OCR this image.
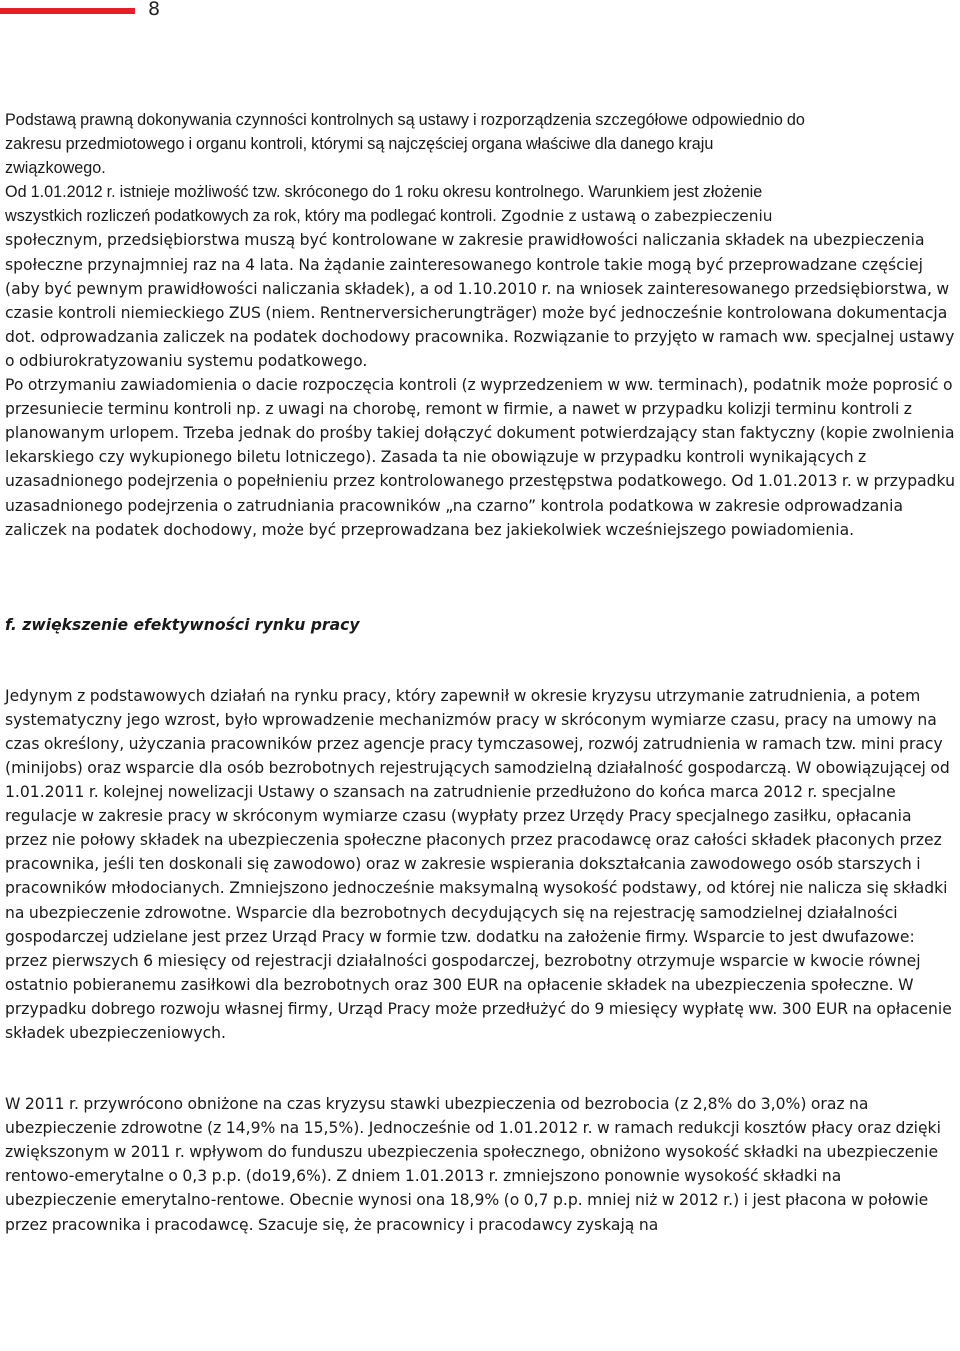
8

Podstawą prawną dokonywania czynności kontrolnych są ustawy i rozporządzenia szczegółowe odpowiednio do

zakresu przedmiotowego i organu kontroli, którymi są najczęściej organa właściwe dla danego kraju

związkowego.

Od 1.01.2012 r. istnieje możliwość tzw. skróconego do 1 roku okresu kontrolnego. Warunkiem jest złożenie

wszystkich rozliczeń podatkowych za rok, który ma podlegać kontroli. Zgodnie z ustawą o zabezpieczeniu

społecznym, przedsiębiorstwa muszą być kontrolowane w zakresie prawidłowości naliczania składek na ubezpieczenia społeczne przynajmniej raz na 4 lata. Na żądanie zainteresowanego kontrole takie mogą być przeprowadzane częściej (aby być pewnym prawidłowości naliczania składek), a od 1.10.2010 r. na wniosek zainteresowanego przedsiębiorstwa, w czasie kontroli niemieckiego ZUS (niem. Rentnerversicherungträger) może być jednocześnie kontrolowana dokumentacja dot. odprowadzania zaliczek na podatek dochodowy pracownika. Rozwiązanie to przyjęto w ramach ww. specjalnej ustawy o odbiurokratyzowaniu systemu podatkowego.

Po otrzymaniu zawiadomienia o dacie rozpoczęcia kontroli (z wyprzedzeniem w ww. terminach), podatnik może poprosić o przesuniecie terminu kontroli np. z uwagi na chorobę, remont w firmie, a nawet w przypadku kolizji terminu kontroli z planowanym urlopem. Trzeba jednak do prośby takiej dołączyć dokument potwierdzający stan faktyczny (kopie zwolnienia lekarskiego czy wykupionego biletu lotniczego). Zasada ta nie obowiązuje w przypadku kontroli wynikających z uzasadnionego podejrzenia o popełnieniu przez kontrolowanego przestępstwa podatkowego. Od 1.01.2013 r. w przypadku uzasadnionego podejrzenia o zatrudniania pracowników „na czarno” kontrola podatkowa w zakresie odprowadzania zaliczek na podatek dochodowy, może być przeprowadzana bez jakiekolwiek wcześniejszego powiadomienia.

f. zwiększenie efektywności rynku pracy

Jedynym z podstawowych działań na rynku pracy, który zapewnił w okresie kryzysu utrzymanie zatrudnienia, a potem systematyczny jego wzrost, było wprowadzenie mechanizmów pracy w skróconym wymiarze czasu, pracy na umowy na czas określony, użyczania pracowników przez agencje pracy tymczasowej, rozwój zatrudnienia w ramach tzw. mini pracy (minijobs) oraz wsparcie dla osób bezrobotnych rejestrujących samodzielną działalność gospodarczą. W obowiązującej od 1.01.2011 r. kolejnej nowelizacji Ustawy o szansach na zatrudnienie przedłużono do końca marca 2012 r. specjalne regulacje w zakresie pracy w skróconym wymiarze czasu (wypłaty przez Urzędy Pracy specjalnego zasiłku, opłacania przez nie połowy składek na ubezpieczenia społeczne płaconych przez pracodawcę oraz całości składek płaconych przez pracownika, jeśli ten doskonali się zawodowo) oraz w zakresie wspierania dokształcania zawodowego osób starszych i pracowników młodocianych. Zmniejszono jednocześnie maksymalną wysokość podstawy, od której nie nalicza się składki na ubezpieczenie zdrowotne. Wsparcie dla bezrobotnych decydujących się na rejestrację samodzielnej działalności gospodarczej udzielane jest przez Urząd Pracy w formie tzw. dodatku na założenie firmy. Wsparcie to jest dwufazowe: przez pierwszych 6 miesięcy od rejestracji działalności gospodarczej, bezrobotny otrzymuje wsparcie w kwocie równej ostatnio pobieranemu zasiłkowi dla bezrobotnych oraz 300 EUR na opłacenie składek na ubezpieczenia społeczne. W przypadku dobrego rozwoju własnej firmy, Urząd Pracy może przedłużyć do 9 miesięcy wypłatę ww. 300 EUR na opłacenie składek ubezpieczeniowych.

W 2011 r. przywrócono obniżone na czas kryzysu stawki ubezpieczenia od bezrobocia (z 2,8% do 3,0%) oraz na ubezpieczenie zdrowotne (z 14,9% na 15,5%). Jednocześnie od 1.01.2012 r. w ramach redukcji kosztów płacy oraz dzięki zwiększonym w 2011 r. wpływom do funduszu ubezpieczenia społecznego, obniżono wysokość składki na ubezpieczenie rentowo-emerytalne o 0,3 p.p. (do19,6%). Z dniem 1.01.2013 r. zmniejszono ponownie wysokość składki na ubezpieczenie emerytalno-rentowe. Obecnie wynosi ona 18,9% (o 0,7 p.p. mniej niż w 2012 r.) i jest płacona w połowie przez pracownika i pracodawcę. Szacuje się, że pracownicy i pracodawcy zyskają na
